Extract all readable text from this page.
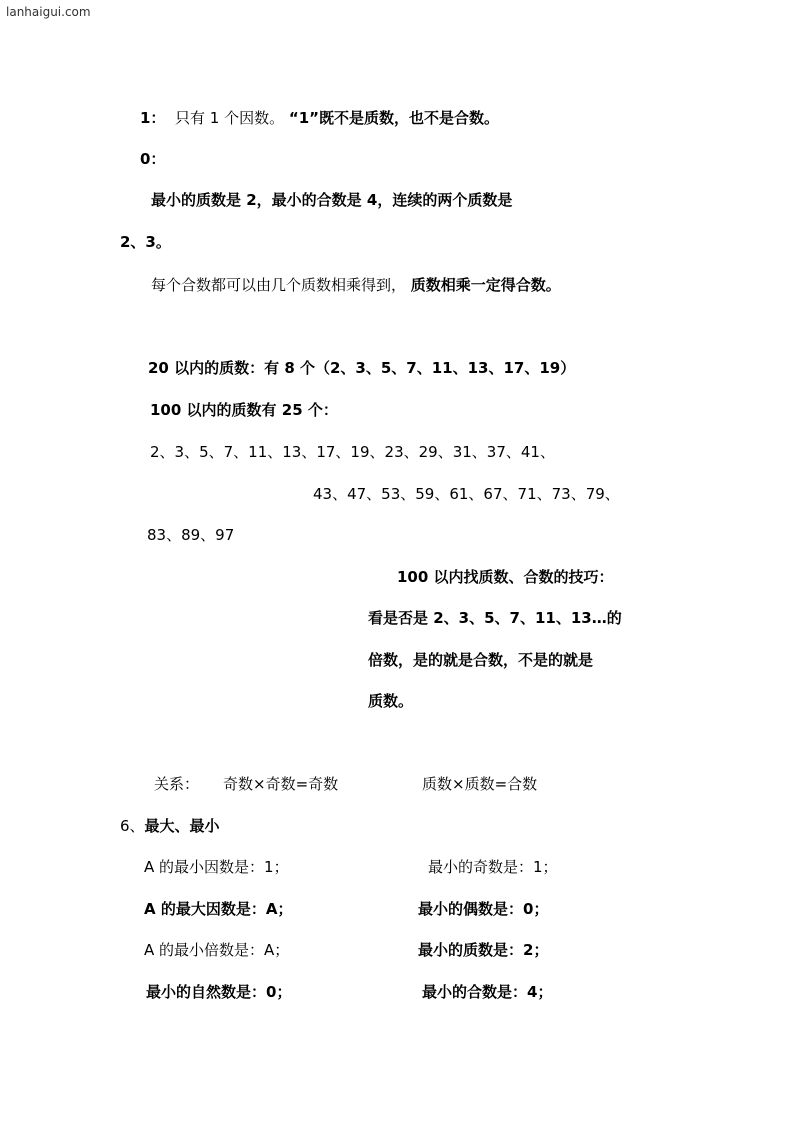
lanhaigui.com
1： 只有 1 个因数。 “1”既不是质数，也不是合数。
0：
最小的质数是 2，最小的合数是 4，连续的两个质数是
2、3。
每个合数都可以由几个质数相乘得到， 质数相乘一定得合数。
20 以内的质数：有 8 个（2、3、5、7、11、13、17、19）
100 以内的质数有 25 个：
2、3、5、7、11、13、17、19、23、29、31、37、41、
43、47、53、59、61、67、71、73、79、
83、89、97
100 以内找质数、合数的技巧：
看是否是 2、3、5、7、11、13…的
倍数，是的就是合数，不是的就是
质数。
关系： 奇数×奇数=奇数	质数×质数=合数
6、最大、最小
A 的最小因数是：1；	最小的奇数是：1；
A 的最大因数是：A；	最小的偶数是：0；
A 的最小倍数是：A；	最小的质数是：2；
最小的自然数是：0；	最小的合数是：4；
